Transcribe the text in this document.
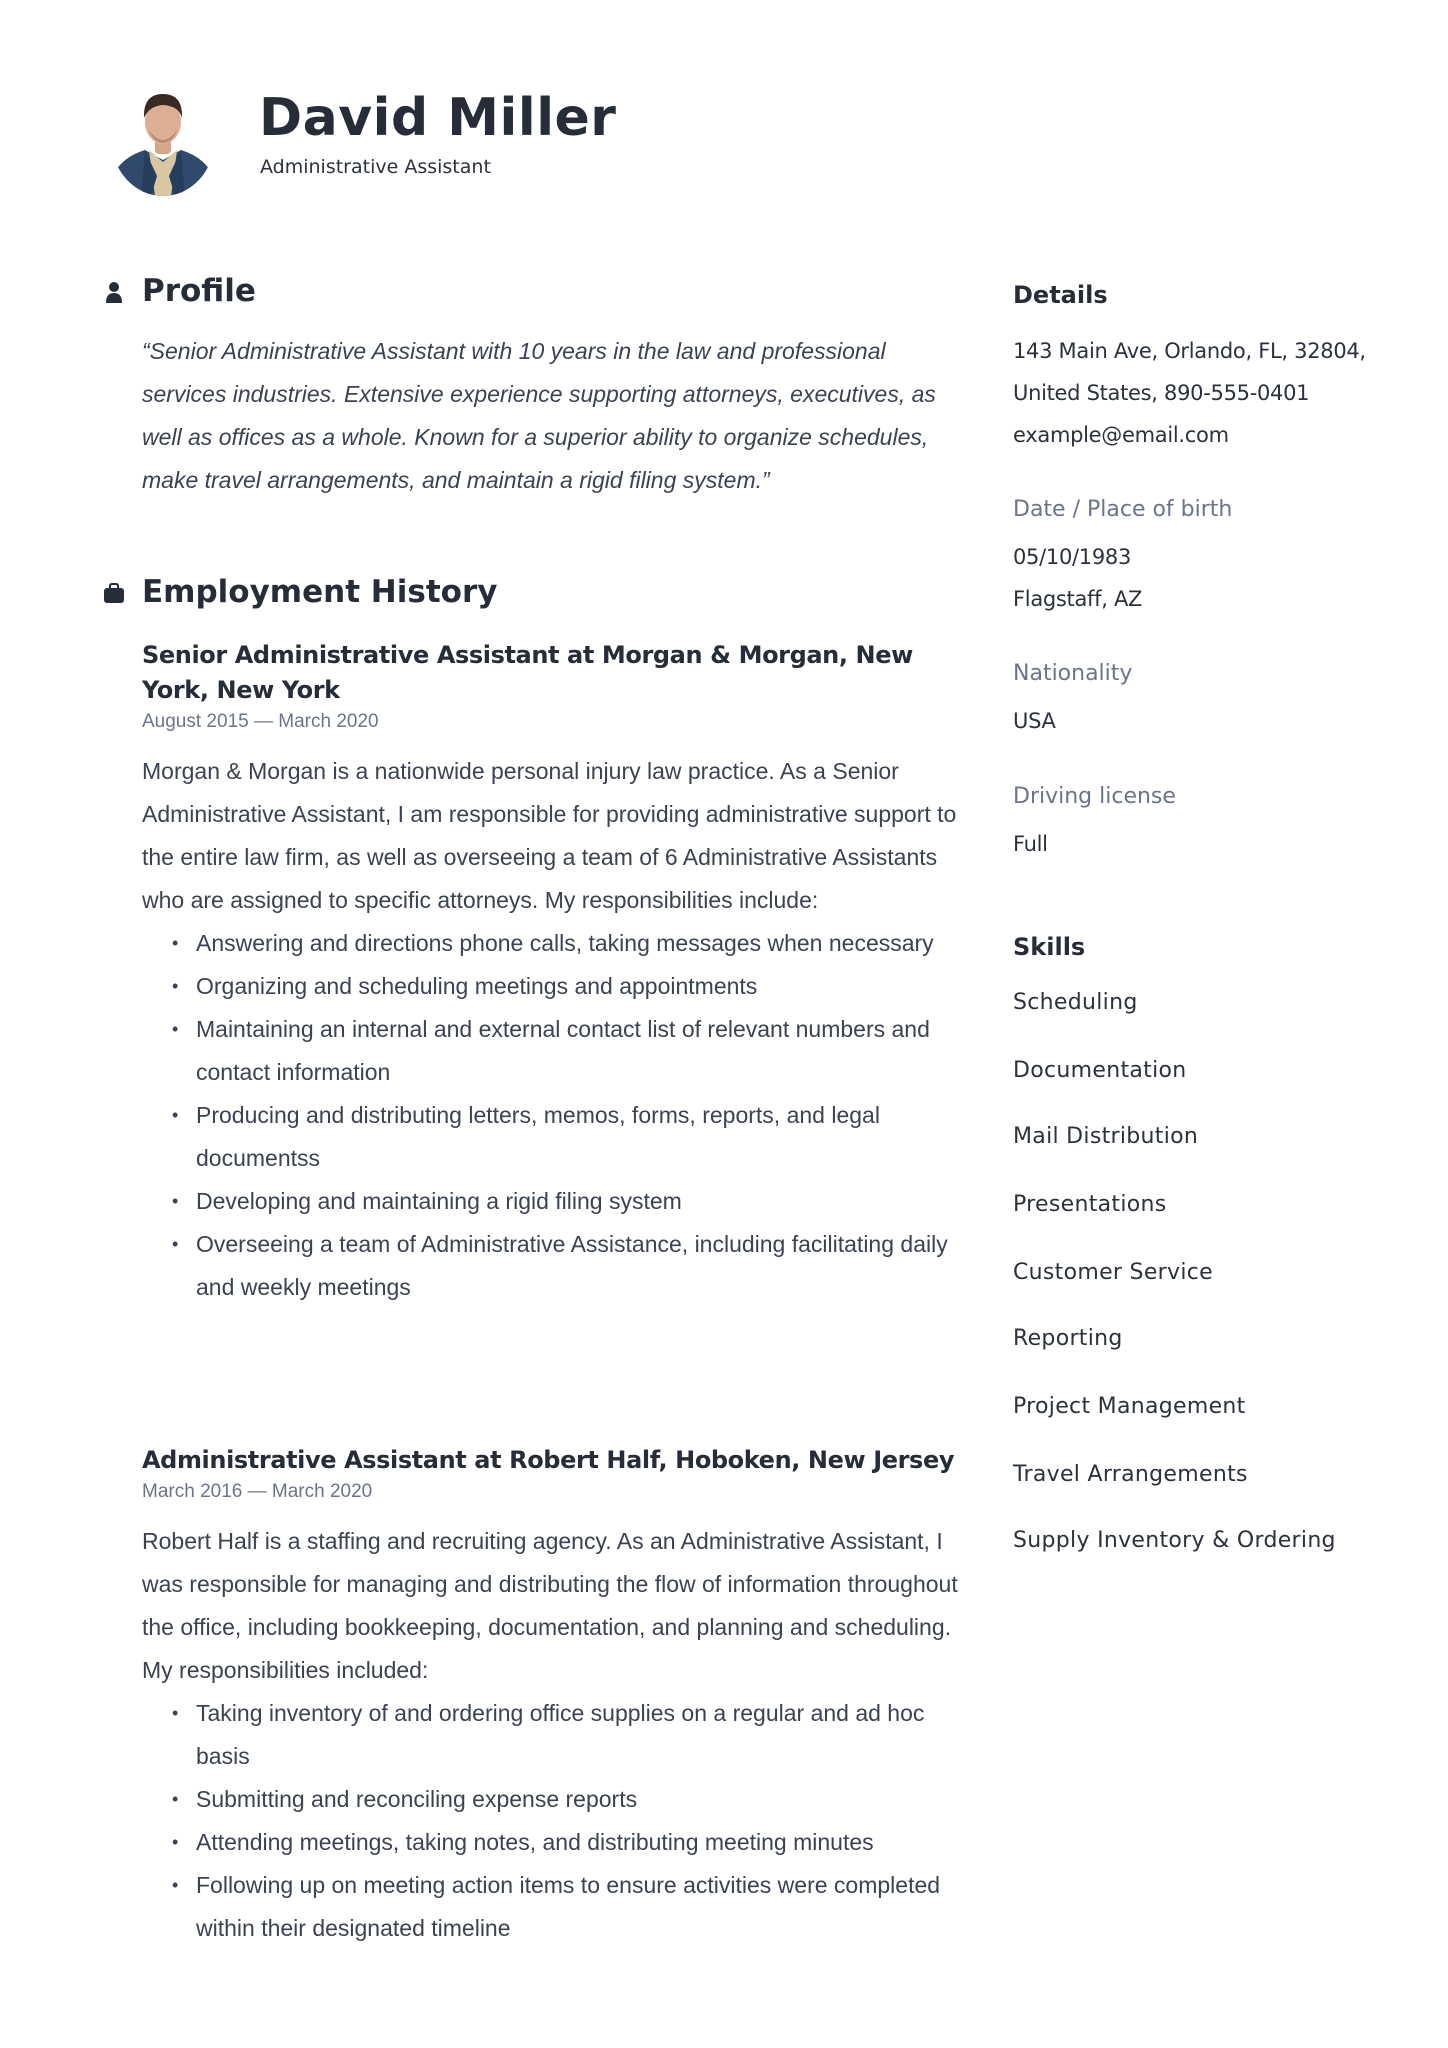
David Miller
Administrative Assistant
Profile

“Senior Administrative Assistant with 10 years in the law and professional services industries. Extensive experience supporting attorneys, executives, as well as offices as a whole. Known for a superior ability to organize schedules, make travel arrangements, and maintain a rigid filing system.”

Employment History

Senior Administrative Assistant at Morgan & Morgan, New York, New York

August 2015 — March 2020

Morgan & Morgan is a nationwide personal injury law practice. As a Senior Administrative Assistant, I am responsible for providing administrative support to the entire law firm, as well as overseeing a team of 6 Administrative Assistants who are assigned to specific attorneys. My responsibilities include:

• Answering and directions phone calls, taking messages when necessary
• Organizing and scheduling meetings and appointments
• Maintaining an internal and external contact list of relevant numbers and contact information
• Producing and distributing letters, memos, forms, reports, and legal documentss
• Developing and maintaining a rigid filing system
• Overseeing a team of Administrative Assistance, including facilitating daily and weekly meetings

Administrative Assistant at Robert Half, Hoboken, New Jersey

March 2016 — March 2020

Robert Half is a staffing and recruiting agency. As an Administrative Assistant, I was responsible for managing and distributing the flow of information throughout the office, including bookkeeping, documentation, and planning and scheduling. My responsibilities included:

• Taking inventory of and ordering office supplies on a regular and ad hoc basis
• Submitting and reconciling expense reports
• Attending meetings, taking notes, and distributing meeting minutes
• Following up on meeting action items to ensure activities were completed within their designated timeline

Details

143 Main Ave, Orlando, FL, 32804,

United States, 890-555-0401

example@email.com

Date / Place of birth

05/10/1983

Flagstaff, AZ

Nationality

USA

Driving license

Full

Skills

Scheduling
Documentation
Mail Distribution
Presentations
Customer Service
Reporting
Project Management
Travel Arrangements
Supply Inventory & Ordering
